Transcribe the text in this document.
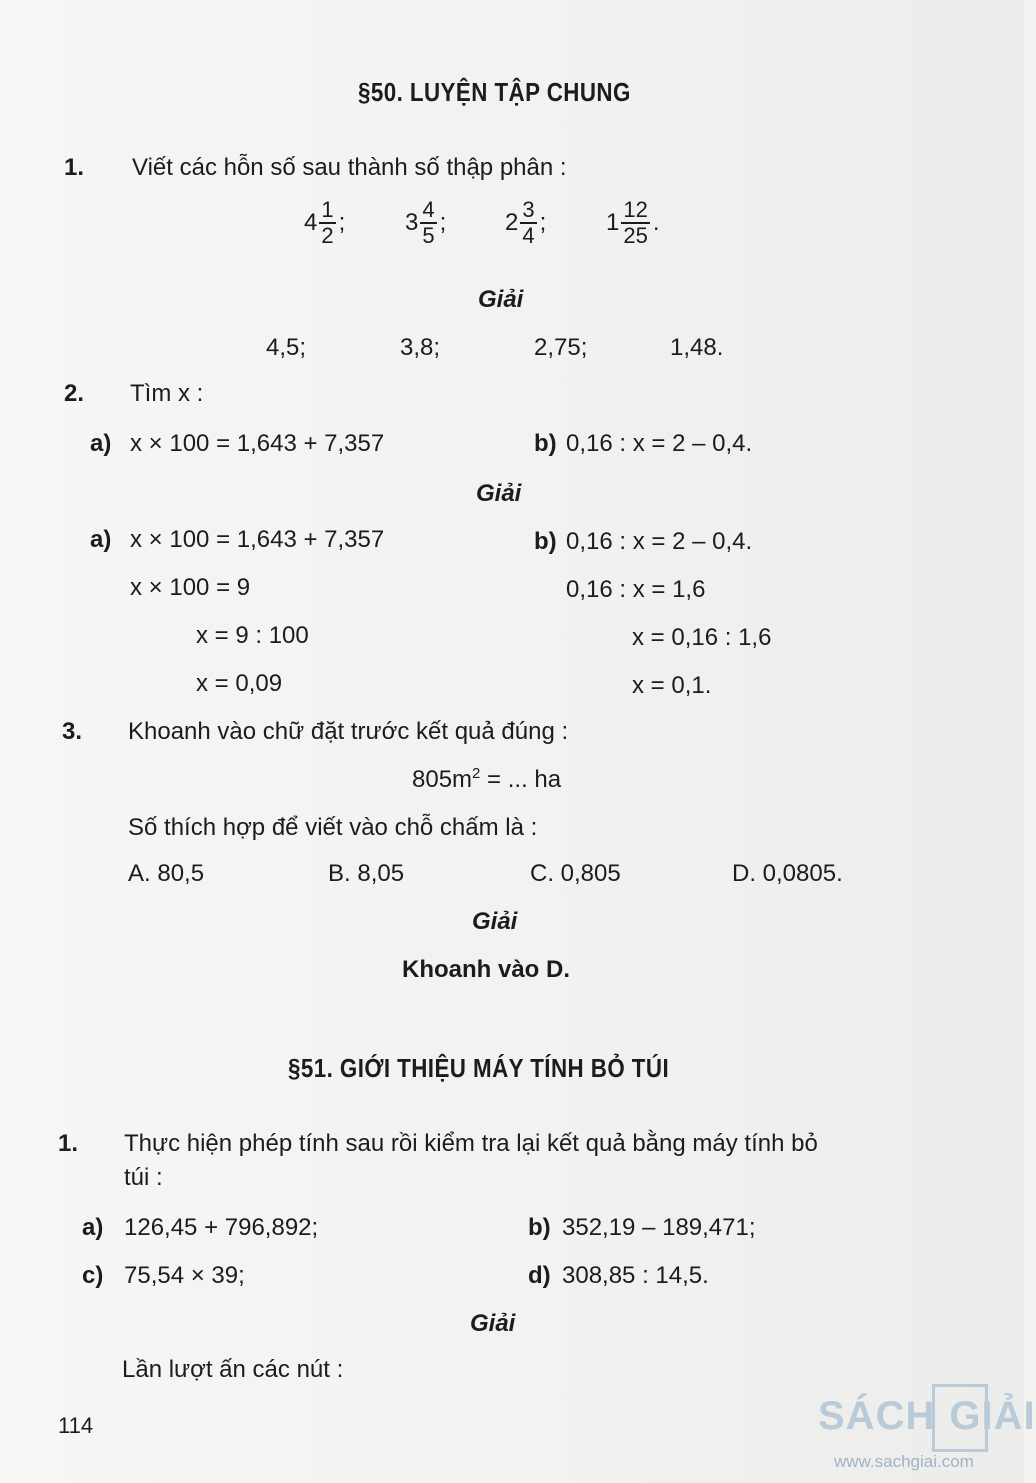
§50. LUYỆN TẬP CHUNG
1. Viết các hỗn số sau thành số thập phân :
4 1
2 ; 3 4
5 ; 2 3
4 ; 1 12
25 .
Giải
4,5;	3,8;	2,75;	1,48.
2. Tìm x :
a) x × 100 = 1,643 + 7,357	b) 0,16 : x = 2 – 0,4.
Giải
a) x × 100 = 1,643 + 7,357
x × 100 = 9
x = 9 : 100
x = 0,09
b) 0,16 : x = 2 – 0,4.
0,16 : x = 1,6
x = 0,16 : 1,6
x = 0,1.
3. Khoanh vào chữ đặt trước kết quả đúng :
$805m^2$ = ... ha
Số thích hợp để viết vào chỗ chấm là :
A. 80,5	B. 8,05	C. 0,805	D. 0,0805.
Giải
Khoanh vào D.
§51. GIỚI THIỆU MÁY TÍNH BỎ TÚI
1. Thực hiện phép tính sau rồi kiểm tra lại kết quả bằng máy tính bỏ
túi :
a) 126,45 + 796,892;	b) 352,19 – 189,471;
c) 75,54 × 39;	d) 308,85 : 14,5.
Giải
Lần lượt ấn các nút :
114	SÁCH GIẢI
www.sachgiai.com
